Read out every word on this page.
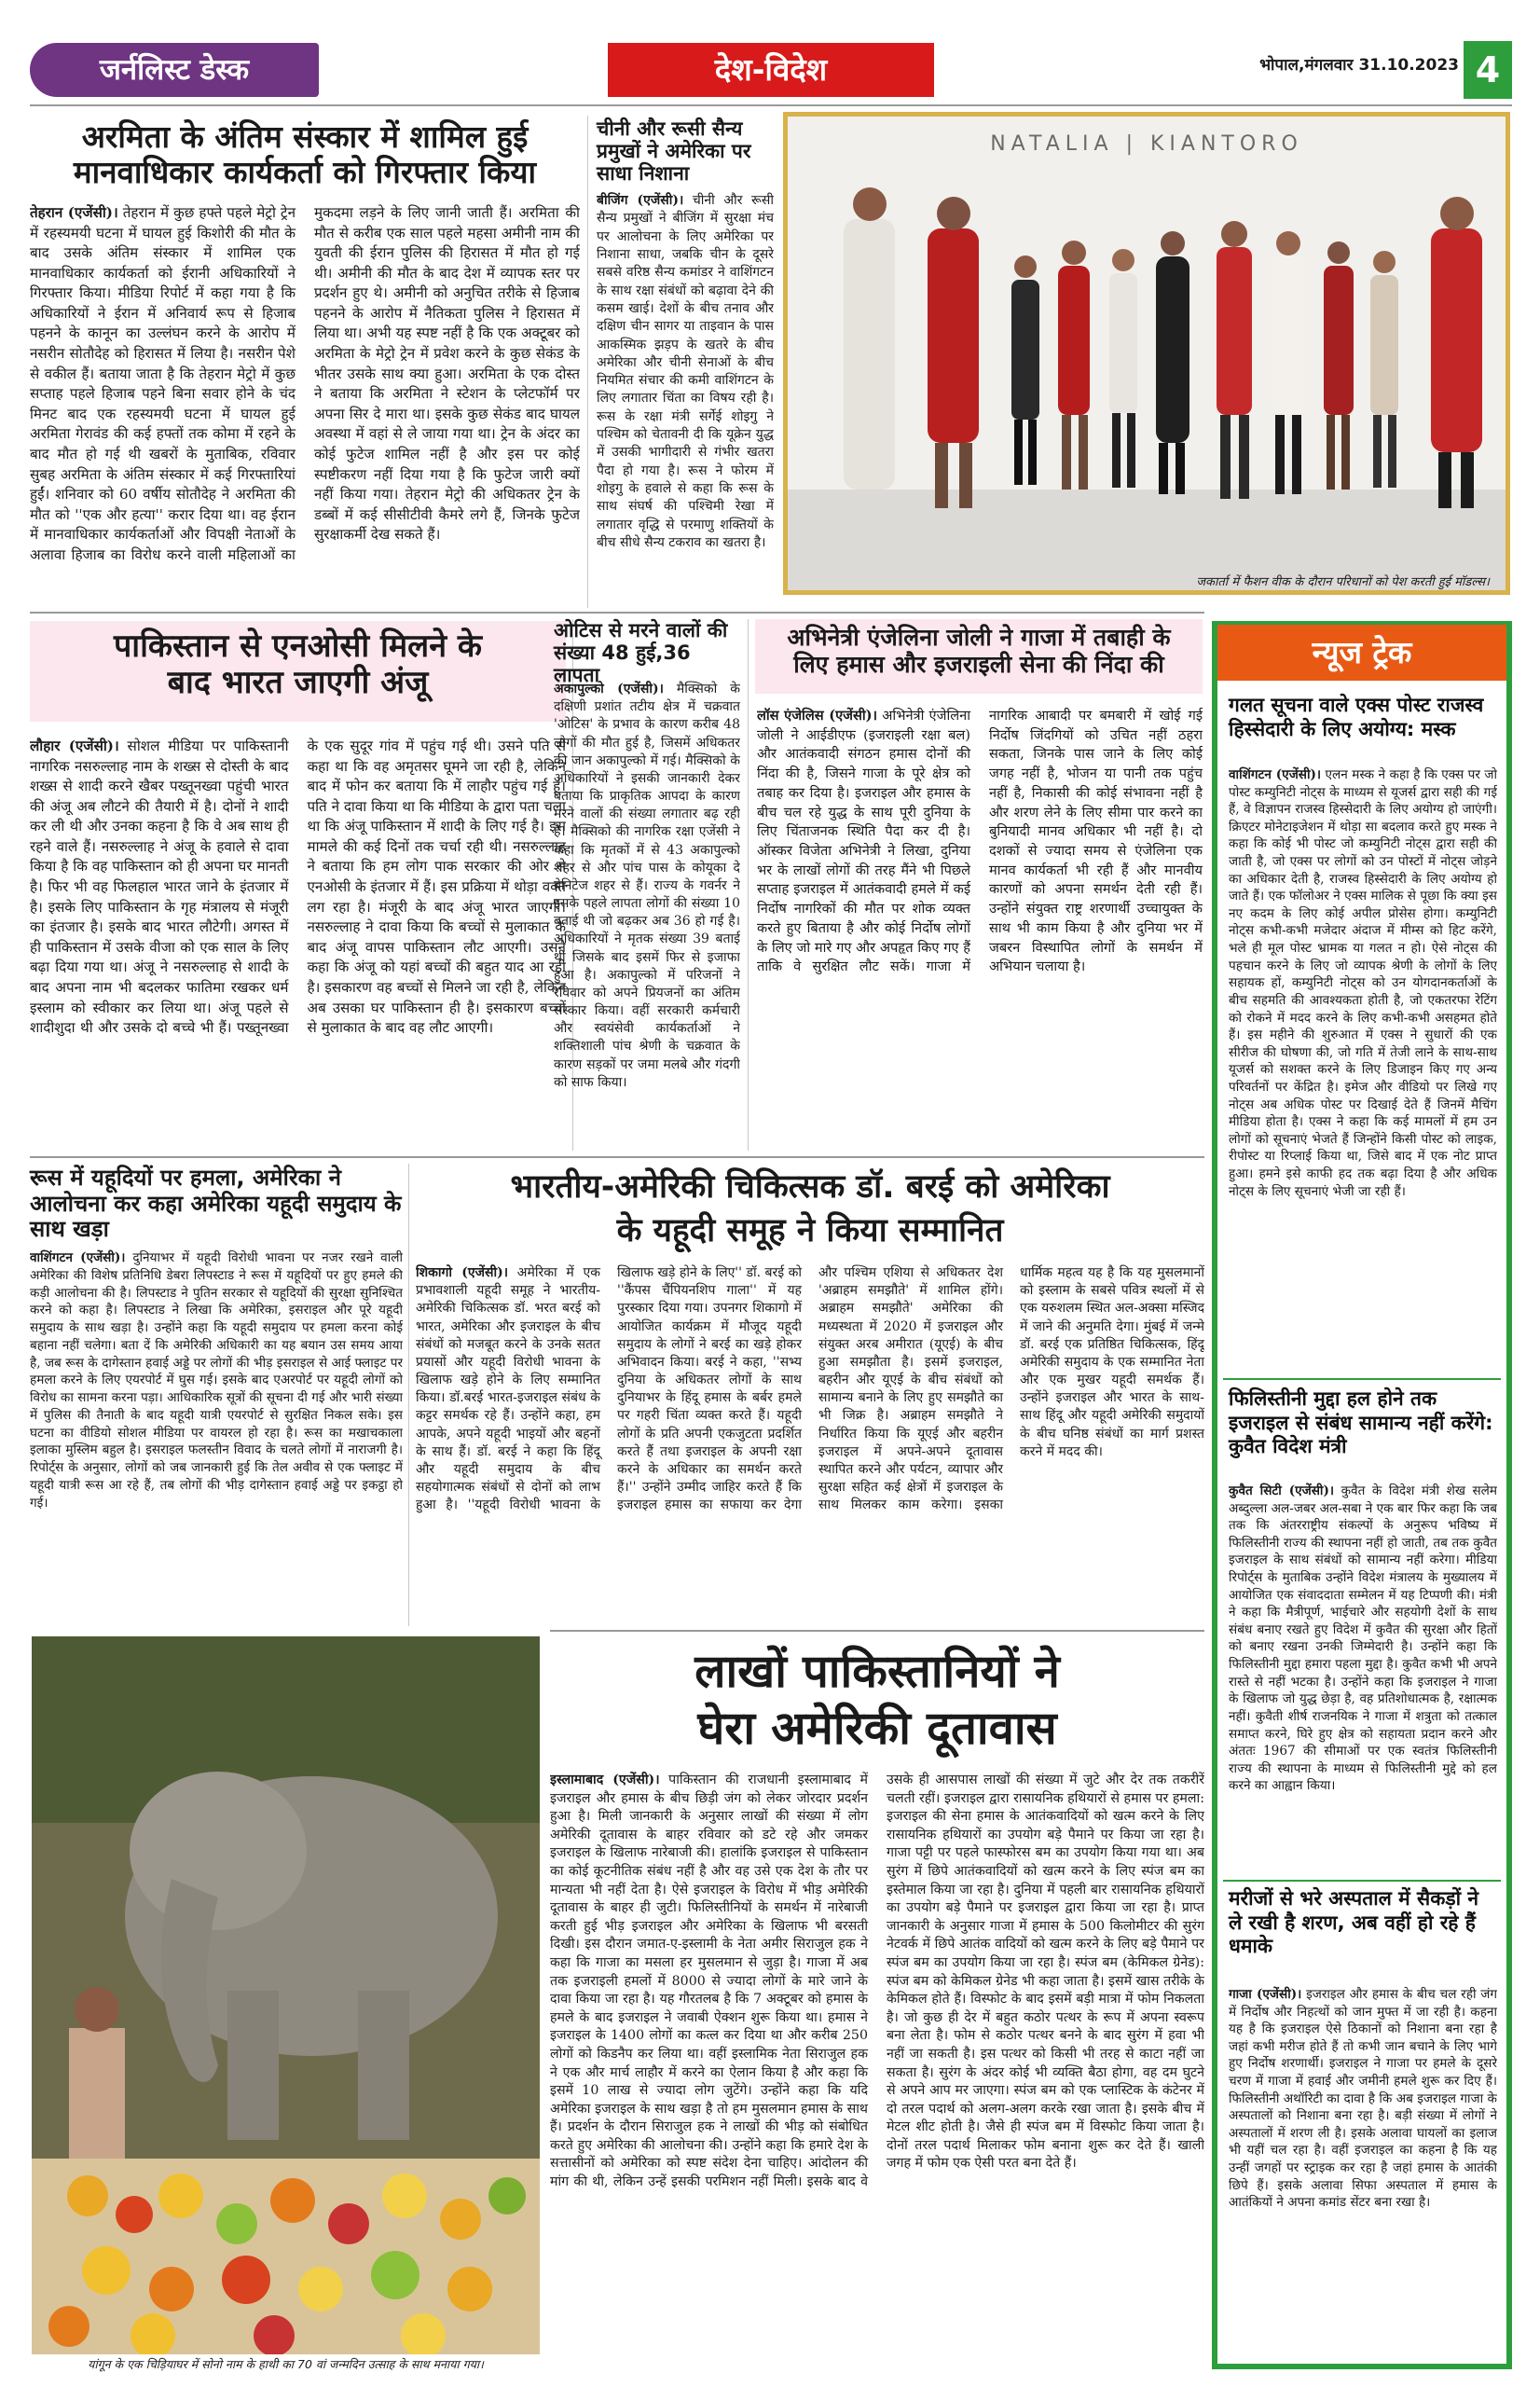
जर्नलिस्ट डेस्क	देश-विदेश	भोपाल,मंगलवार 31.10.2023 4
अरमिता के अंतिम संस्कार में शामिल हुई
मानवाधिकार कार्यकर्ता को गिरफ्तार किया
तेहरान (एजेंसी)। तेहरान में कुछ हफ्ते पहले मेट्रो ट्रेन में रहस्यमयी घटना में घायल हुई किशोरी की मौत के बाद उसके अंतिम संस्कार में शामिल एक मानवाधिकार कार्यकर्ता को ईरानी अधिकारियों ने गिरफ्तार किया। मीडिया रिपोर्ट में कहा गया है कि अधिकारियों ने ईरान में अनिवार्य रूप से हिजाब पहनने के कानून का उल्लंघन करने के आरोप में नसरीन सोतौदेह को हिरासत में लिया है। नसरीन पेशे से वकील हैं। बताया जाता है कि तेहरान मेट्रो में कुछ सप्ताह पहले हिजाब पहने बिना सवार होने के चंद मिनट बाद एक रहस्यमयी घटना में घायल हुई अरमिता गेरावंड की कई हफ्तों तक कोमा में रहने के बाद मौत हो गई थी खबरों के मुताबिक, रविवार सुबह अरमिता के अंतिम संस्कार में कई गिरफ्तारियां हुईं। शनिवार को 60 वर्षीय सोतौदेह ने अरमिता की मौत को ''एक और हत्या'' करार दिया था। वह ईरान में मानवाधिकार कार्यकर्ताओं और विपक्षी नेताओं के अलावा हिजाब का विरोध करने वाली महिलाओं का मुकदमा लड़ने के लिए जानी जाती हैं। अरमिता की मौत से करीब एक साल पहले महसा अमीनी नाम की युवती की ईरान पुलिस की हिरासत में मौत हो गई थी। अमीनी की मौत के बाद देश में व्यापक स्तर पर प्रदर्शन हुए थे। अमीनी को अनुचित तरीके से हिजाब पहनने के आरोप में नैतिकता पुलिस ने हिरासत में लिया था। अभी यह स्पष्ट नहीं है कि एक अक्टूबर को अरमिता के मेट्रो ट्रेन में प्रवेश करने के कुछ सेकंड के भीतर उसके साथ क्या हुआ। अरमिता के एक दोस्त ने बताया कि अरमिता ने स्टेशन के प्लेटफॉर्म पर अपना सिर दे मारा था। इसके कुछ सेकंड बाद घायल अवस्था में वहां से ले जाया गया था। ट्रेन के अंदर का कोई फुटेज शामिल नहीं है और इस पर कोई स्पष्टीकरण नहीं दिया गया है कि फुटेज जारी क्यों नहीं किया गया। तेहरान मेट्रो की अधिकतर ट्रेन के डब्बों में कई सीसीटीवी कैमरे लगे हैं, जिनके फुटेज सुरक्षाकर्मी देख सकते हैं।
चीनी और रूसी सैन्य प्रमुखों ने अमेरिका पर साधा निशाना
बीजिंग (एजेंसी)। चीनी और रूसी सैन्य प्रमुखों ने बीजिंग में सुरक्षा मंच पर आलोचना के लिए अमेरिका पर निशाना साधा, जबकि चीन के दूसरे सबसे वरिष्ठ सैन्य कमांडर ने वाशिंगटन के साथ रक्षा संबंधों को बढ़ावा देने की कसम खाई। देशों के बीच तनाव और दक्षिण चीन सागर या ताइवान के पास आकस्मिक झड़प के खतरे के बीच अमेरिका और चीनी सेनाओं के बीच नियमित संचार की कमी वाशिंगटन के लिए लगातार चिंता का विषय रही है। रूस के रक्षा मंत्री सर्गेई शोइगु ने पश्चिम को चेतावनी दी कि यूक्रेन युद्ध में उसकी भागीदारी से गंभीर खतरा पैदा हो गया है। रूस ने फोरम में शोइगु के हवाले से कहा कि रूस के साथ संघर्ष की पश्चिमी रेखा में लगातार वृद्धि से परमाणु शक्तियों के बीच सीधे सैन्य टकराव का खतरा है।
NATALIA | KIANTORO
जकार्ता में फैशन वीक के दौरान परिधानों को पेश करती हुई मॉडल्स।
पाकिस्तान से एनओसी मिलने के
बाद भारत जाएगी अंजू
लौहार (एजेंसी)। सोशल मीडिया पर पाकिस्तानी नागरिक नसरुल्लाह नाम के शख्स से दोस्ती के बाद शख्स से शादी करने खैबर पख्तूनख्वा पहुंची भारत की अंजू अब लौटने की तैयारी में है। दोनों ने शादी कर ली थी और उनका कहना है कि वे अब साथ ही रहने वाले हैं। नसरुल्लाह ने अंजू के हवाले से दावा किया है कि वह पाकिस्तान को ही अपना घर मानती है। फिर भी वह फिलहाल भारत जाने के इंतजार में है। इसके लिए पाकिस्तान के गृह मंत्रालय से मंजूरी का इंतजार है। इसके बाद भारत लौटेगी। अगस्त में ही पाकिस्तान में उसके वीजा को एक साल के लिए बढ़ा दिया गया था। अंजू ने नसरुल्लाह से शादी के बाद अपना नाम भी बदलकर फातिमा रखकर धर्म इस्लाम को स्वीकार कर लिया था। अंजू पहले से शादीशुदा थी और उसके दो बच्चे भी हैं। पख्तूनख्वा के एक सुदूर गांव में पहुंच गई थी। उसने पति से कहा था कि वह अमृतसर घूमने जा रही है, लेकिन बाद में फोन कर बताया कि में लाहौर पहुंच गई हूं। पति ने दावा किया था कि मीडिया के द्वारा पता चला था कि अंजू पाकिस्तान में शादी के लिए गई है। इस मामले की कई दिनों तक चर्चा रही थी। नसरुल्लाह ने बताया कि हम लोग पाक सरकार की ओर से एनओसी के इंतजार में हैं। इस प्रक्रिया में थोड़ा वक्त लग रहा है। मंजूरी के बाद अंजू भारत जाएगी। नसरुल्लाह ने दावा किया कि बच्चों से मुलाकात के बाद अंजू वापस पाकिस्तान लौट आएगी। उसने कहा कि अंजू को यहां बच्चों की बहुत याद आ रही है। इसकारण वह बच्चों से मिलने जा रही है, लेकिन अब उसका घर पाकिस्तान ही है। इसकारण बच्चों से मुलाकात के बाद वह लौट आएगी।
ओटिस से मरने वालों की संख्या 48 हुई,36 लापता
अकापुल्को (एजेंसी)। मैक्सिको के दक्षिणी प्रशांत तटीय क्षेत्र में चक्रवात 'ओटिस' के प्रभाव के कारण करीब 48 लोगों की मौत हुई है, जिसमें अधिकतर की जान अकापुल्को में गई। मैक्सिको के अधिकारियों ने इसकी जानकारी देकर बताया कि प्राकृतिक आपदा के कारण मरने वालों की संख्या लगातार बढ़ रही है। मैक्सिको की नागरिक रक्षा एजेंसी ने कहा कि मृतकों में से 43 अकापुल्को शहर से और पांच पास के कोयूका दे बेनिटेज शहर से हैं। राज्य के गवर्नर ने इसके पहले लापता लोगों की संख्या 10 बताई थी जो बढ़कर अब 36 हो गई है। अधिकारियों ने मृतक संख्या 39 बताई थी जिसके बाद इसमें फिर से इजाफा हुआ है। अकापुल्को में परिजनों ने रविवार को अपने प्रियजनों का अंतिम संस्कार किया। वहीं सरकारी कर्मचारी और स्वयंसेवी कार्यकर्ताओं ने शक्तिशाली पांच श्रेणी के चक्रवात के कारण सड़कों पर जमा मलबे और गंदगी को साफ किया।
अभिनेत्री एंजेलिना जोली ने गाजा में तबाही के
लिए हमास और इजराइली सेना की निंदा की
लॉस एंजेलिस (एजेंसी)। अभिनेत्री एंजेलिना जोली ने आईडीएफ (इजराइली रक्षा बल) और आतंकवादी संगठन हमास दोनों की निंदा की है, जिसने गाजा के पूरे क्षेत्र को तबाह कर दिया है। इजराइल और हमास के बीच चल रहे युद्ध के साथ पूरी दुनिया के लिए चिंताजनक स्थिति पैदा कर दी है। ऑस्कर विजेता अभिनेत्री ने लिखा, दुनिया भर के लाखों लोगों की तरह मैंने भी पिछले सप्ताह इजराइल में आतंकवादी हमले में कई निर्दोष नागरिकों की मौत पर शोक व्यक्त करते हुए बिताया है और कोई निर्दोष लोगों के लिए जो मारे गए और अपहृत किए गए हैं ताकि वे सुरक्षित लौट सकें। गाजा में नागरिक आबादी पर बमबारी में खोई गई निर्दोष जिंदगियों को उचित नहीं ठहरा सकता, जिनके पास जाने के लिए कोई जगह नहीं है, भोजन या पानी तक पहुंच नहीं है, निकासी की कोई संभावना नहीं है और शरण लेने के लिए सीमा पार करने का बुनियादी मानव अधिकार भी नहीं है। दो दशकों से ज्यादा समय से एंजेलिना एक मानव कार्यकर्ता भी रही हैं और मानवीय कारणों को अपना समर्थन देती रही हैं। उन्होंने संयुक्त राष्ट्र शरणार्थी उच्चायुक्त के साथ भी काम किया है और दुनिया भर में जबरन विस्थापित लोगों के समर्थन में अभियान चलाया है।
रूस में यहूदियों पर हमला, अमेरिका ने आलोचना कर कहा अमेरिका यहूदी समुदाय के साथ खड़ा
वाशिंगटन (एजेंसी)। दुनियाभर में यहूदी विरोधी भावना पर नजर रखने वाली अमेरिका की विशेष प्रतिनिधि डेबरा लिपस्टाड ने रूस में यहूदियों पर हुए हमले की कड़ी आलोचना की है। लिपस्टाड ने पुतिन सरकार से यहूदियों की सुरक्षा सुनिश्चित करने को कहा है। लिपस्टाड ने लिखा कि अमेरिका, इसराइल और पूरे यहूदी समुदाय के साथ खड़ा है। उन्होंने कहा कि यहूदी समुदाय पर हमला करना कोई बहाना नहीं चलेगा। बता दें कि अमेरिकी अधिकारी का यह बयान उस समय आया है, जब रूस के दागेस्तान हवाई अड्डे पर लोगों की भीड़ इसराइल से आई फ्लाइट पर हमला करने के लिए एयरपोर्ट में घुस गई। इसके बाद एअरपोर्ट पर यहूदी लोगों को विरोध का सामना करना पड़ा। आधिकारिक सूत्रों की सूचना दी गई और भारी संख्या में पुलिस की तैनाती के बाद यहूदी यात्री एयरपोर्ट से सुरक्षित निकल सके। इस घटना का वीडियो सोशल मीडिया पर वायरल हो रहा है। रूस का मखाचकाला इलाका मुस्लिम बहुल है। इसराइल फलस्तीन विवाद के चलते लोगों में नाराजगी है। रिपोर्ट्स के अनुसार, लोगों को जब जानकारी हुई कि तेल अवीव से एक फ्लाइट में यहूदी यात्री रूस आ रहे हैं, तब लोगों की भीड़ दागेस्तान हवाई अड्डे पर इकट्ठा हो गई।
भारतीय-अमेरिकी चिकित्सक डॉ. बरई को अमेरिका
के यहूदी समूह ने किया सम्मानित
शिकागो (एजेंसी)। अमेरिका में एक प्रभावशाली यहूदी समूह ने भारतीय-अमेरिकी चिकित्सक डॉ. भरत बरई को भारत, अमेरिका और इजराइल के बीच संबंधों को मजबूत करने के उनके सतत प्रयासों और यहूदी विरोधी भावना के खिलाफ खड़े होने के लिए सम्मानित किया। डॉ.बरई भारत-इजराइल संबंध के कट्टर समर्थक रहे हैं। उन्होंने कहा, हम आपके, अपने यहूदी भाइयों और बहनों के साथ हैं। डॉ. बरई ने कहा कि हिंदू और यहूदी समुदाय के बीच सहयोगात्मक संबंधों से दोनों को लाभ हुआ है। ''यहूदी विरोधी भावना के खिलाफ खड़े होने के लिए'' डॉ. बरई को ''कैंपस चैंपियनशिप गाला'' में यह पुरस्कार दिया गया। उपनगर शिकागो में आयोजित कार्यक्रम में मौजूद यहूदी समुदाय के लोगों ने बरई का खड़े होकर अभिवादन किया। बरई ने कहा, ''सभ्य दुनिया के अधिकतर लोगों के साथ दुनियाभर के हिंदू हमास के बर्बर हमले पर गहरी चिंता व्यक्त करते हैं। यहूदी लोगों के प्रति अपनी एकजुटता प्रदर्शित करते हैं तथा इजराइल के अपनी रक्षा करने के अधिकार का समर्थन करते हैं।'' उन्होंने उम्मीद जाहिर करते हैं कि इजराइल हमास का सफाया कर देगा और पश्चिम एशिया से अधिकतर देश 'अब्राहम समझौते' में शामिल होंगे। अब्राहम समझौते' अमेरिका की मध्यस्थता में 2020 में इजराइल और संयुक्त अरब अमीरात (यूएई) के बीच हुआ समझौता है। इसमें इजराइल, बहरीन और यूएई के बीच संबंधों को सामान्य बनाने के लिए हुए समझौते का भी जिक्र है। अब्राहम समझौते ने निर्धारित किया कि यूएई और बहरीन इजराइल में अपने-अपने दूतावास स्थापित करने और पर्यटन, व्यापार और सुरक्षा सहित कई क्षेत्रों में इजराइल के साथ मिलकर काम करेगा। इसका धार्मिक महत्व यह है कि यह मुसलमानों को इस्लाम के सबसे पवित्र स्थलों में से एक यरुशलम स्थित अल-अक्सा मस्जिद में जाने की अनुमति देगा। मुंबई में जन्मे डॉ. बरई एक प्रतिष्ठित चिकित्सक, हिंदू अमेरिकी समुदाय के एक सम्मानित नेता और एक मुखर यहूदी समर्थक हैं। उन्होंने इजराइल और भारत के साथ-साथ हिंदू और यहूदी अमेरिकी समुदायों के बीच घनिष्ठ संबंधों का मार्ग प्रशस्त करने में मदद की।
यांगून के एक चिड़ियाघर में सोनो नाम के हाथी का 70 वां जन्मदिन उत्साह के साथ मनाया गया।
लाखों पाकिस्तानियों ने
घेरा अमेरिकी दूतावास
इस्लामाबाद (एजेंसी)। पाकिस्तान की राजधानी इस्लामाबाद में इजराइल और हमास के बीच छिड़ी जंग को लेकर जोरदार प्रदर्शन हुआ है। मिली जानकारी के अनुसार लाखों की संख्या में लोग अमेरिकी दूतावास के बाहर रविवार को डटे रहे और जमकर इजराइल के खिलाफ नारेबाजी की। हालांकि इजराइल से पाकिस्तान का कोई कूटनीतिक संबंध नहीं है और वह उसे एक देश के तौर पर मान्यता भी नहीं देता है। ऐसे इजराइल के विरोध में भीड़ अमेरिकी दूतावास के बाहर ही जुटी। फिलिस्तीनियों के समर्थन में नारेबाजी करती हुई भीड़ इजराइल और अमेरिका के खिलाफ भी बरसती दिखी। इस दौरान जमात-ए-इस्लामी के नेता अमीर सिराजुल हक ने कहा कि गाजा का मसला हर मुसलमान से जुड़ा है। गाजा में अब तक इजराइली हमलों में 8000 से ज्यादा लोगों के मारे जाने के दावा किया जा रहा है। यह गौरतलब है कि 7 अक्टूबर को हमास के हमले के बाद इजराइल ने जवाबी ऐक्शन शुरू किया था। हमास ने इजराइल के 1400 लोगों का कत्ल कर दिया था और करीब 250 लोगों को किडनैप कर लिया था। वहीं इस्लामिक नेता सिराजुल हक ने एक और मार्च लाहौर में करने का ऐलान किया है और कहा कि इसमें 10 लाख से ज्यादा लोग जुटेंगे। उन्होंने कहा कि यदि अमेरिका इजराइल के साथ खड़ा है तो हम मुसलमान हमास के साथ हैं। प्रदर्शन के दौरान सिराजुल हक ने लाखों की भीड़ को संबोधित करते हुए अमेरिका की आलोचना की। उन्होंने कहा कि हमारे देश के सत्तासीनों को अमेरिका को स्पष्ट संदेश देना चाहिए। आंदोलन की मांग की थी, लेकिन उन्हें इसकी परमिशन नहीं मिली। इसके बाद वे उसके ही आसपास लाखों की संख्या में जुटे और देर तक तकरीरें चलती रहीं। इजराइल द्वारा रासायनिक हथियारों से हमास पर हमला: इजराइल की सेना हमास के आतंकवादियों को खत्म करने के लिए रासायनिक हथियारों का उपयोग बड़े पैमाने पर किया जा रहा है। गाजा पट्टी पर पहले फास्फोरस बम का उपयोग किया गया था। अब सुरंग में छिपे आतंकवादियों को खत्म करने के लिए स्पंज बम का इस्तेमाल किया जा रहा है। दुनिया में पहली बार रासायनिक हथियारों का उपयोग बड़े पैमाने पर इजराइल द्वारा किया जा रहा है। प्राप्त जानकारी के अनुसार गाजा में हमास के 500 किलोमीटर की सुरंग नेटवर्क में छिपे आतंक वादियों को खत्म करने के लिए बड़े पैमाने पर स्पंज बम का उपयोग किया जा रहा है। स्पंज बम (केमिकल ग्रेनेड): स्पंज बम को केमिकल ग्रेनेड भी कहा जाता है। इसमें खास तरीके के केमिकल होते हैं। विस्फोट के बाद इसमें बड़ी मात्रा में फोम निकलता है। जो कुछ ही देर में बहुत कठोर पत्थर के रूप में अपना स्वरूप बना लेता है। फोम से कठोर पत्थर बनने के बाद सुरंग में हवा भी नहीं जा सकती है। इस पत्थर को किसी भी तरह से काटा नहीं जा सकता है। सुरंग के अंदर कोई भी व्यक्ति बैठा होगा, वह दम घुटने से अपने आप मर जाएगा। स्पंज बम को एक प्लास्टिक के कंटेनर में दो तरल पदार्थ को अलग-अलग करके रखा जाता है। इसके बीच में मेटल शीट होती है। जैसे ही स्पंज बम में विस्फोट किया जाता है। दोनों तरल पदार्थ मिलाकर फोम बनाना शुरू कर देते हैं। खाली जगह में फोम एक ऐसी परत बना देते हैं।
न्यूज ट्रेक
गलत सूचना वाले एक्स पोस्ट राजस्व हिस्सेदारी के लिए अयोग्य: मस्क
वाशिंगटन (एजेंसी)। एलन मस्क ने कहा है कि एक्स पर जो पोस्ट कम्युनिटी नोट्स के माध्यम से यूजर्स द्वारा सही की गई हैं, वे विज्ञापन राजस्व हिस्सेदारी के लिए अयोग्य हो जाएंगी। क्रिएटर मोनेटाइजेशन में थोड़ा सा बदलाव करते हुए मस्क ने कहा कि कोई भी पोस्ट जो कम्युनिटी नोट्स द्वारा सही की जाती है, जो एक्स पर लोगों को उन पोस्टों में नोट्स जोड़ने का अधिकार देती है, राजस्व हिस्सेदारी के लिए अयोग्य हो जाते हैं। एक फॉलोअर ने एक्स मालिक से पूछा कि क्या इस नए कदम के लिए कोई अपील प्रोसेस होगा। कम्युनिटी नोट्स कभी-कभी मजेदार अंदाज में मीम्स को हिट करेंगे, भले ही मूल पोस्ट भ्रामक या गलत न हो। ऐसे नोट्स की पहचान करने के लिए जो व्यापक श्रेणी के लोगों के लिए सहायक हों, कम्युनिटी नोट्स को उन योगदानकर्ताओं के बीच सहमति की आवश्यकता होती है, जो एकतरफा रेटिंग को रोकने में मदद करने के लिए कभी-कभी असहमत होते हैं। इस महीने की शुरुआत में एक्स ने सुधारों की एक सीरीज की घोषणा की, जो गति में तेजी लाने के साथ-साथ यूजर्स को सशक्त करने के लिए डिजाइन किए गए अन्य परिवर्तनों पर केंद्रित है। इमेज और वीडियो पर लिखे गए नोट्स अब अधिक पोस्ट पर दिखाई देते हैं जिनमें मैचिंग मीडिया होता है। एक्स ने कहा कि कई मामलों में हम उन लोगों को सूचनाएं भेजते हैं जिन्होंने किसी पोस्ट को लाइक, रीपोस्ट या रिप्लाई किया था, जिसे बाद में एक नोट प्राप्त हुआ। हमने इसे काफी हद तक बढ़ा दिया है और अधिक नोट्स के लिए सूचनाएं भेजी जा रही हैं।
फिलिस्तीनी मुद्दा हल होने तक इजराइल से संबंध सामान्य नहीं करेंगे: कुवैत विदेश मंत्री
कुवैत सिटी (एजेंसी)। कुवैत के विदेश मंत्री शेख सलेम अब्दुल्ला अल-जबर अल-सबा ने एक बार फिर कहा कि जब तक कि अंतरराष्ट्रीय संकल्पों के अनुरूप भविष्य में फिलिस्तीनी राज्य की स्थापना नहीं हो जाती, तब तक कुवैत इजराइल के साथ संबंधों को सामान्य नहीं करेगा। मीडिया रिपोर्ट्स के मुताबिक उन्होंने विदेश मंत्रालय के मुख्यालय में आयोजित एक संवाददाता सम्मेलन में यह टिप्पणी की। मंत्री ने कहा कि मैत्रीपूर्ण, भाईचारे और सहयोगी देशों के साथ संबंध बनाए रखते हुए विदेश में कुवैत की सुरक्षा और हितों को बनाए रखना उनकी जिम्मेदारी है। उन्होंने कहा कि फिलिस्तीनी मुद्दा हमारा पहला मुद्दा है। कुवैत कभी भी अपने रास्ते से नहीं भटका है। उन्होंने कहा कि इजराइल ने गाजा के खिलाफ जो युद्ध छेड़ा है, वह प्रतिशोधात्मक है, रक्षात्मक नहीं। कुवैती शीर्ष राजनयिक ने गाजा में शत्रुता को तत्काल समाप्त करने, घिरे हुए क्षेत्र को सहायता प्रदान करने और अंततः 1967 की सीमाओं पर एक स्वतंत्र फिलिस्तीनी राज्य की स्थापना के माध्यम से फिलिस्तीनी मुद्दे को हल करने का आह्वान किया।
मरीजों से भरे अस्पताल में सैकड़ों ने ले रखी है शरण, अब वहीं हो रहे हैं धमाके
गाजा (एजेंसी)। इजराइल और हमास के बीच चल रही जंग में निर्दोष और निहत्थों को जान मुफ्त में जा रही है। कहना यह है कि इजराइल ऐसे ठिकानों को निशाना बना रहा है जहां कभी मरीज होते हैं तो कभी जान बचाने के लिए भागे हुए निर्दोष शरणार्थी। इजराइल ने गाजा पर हमले के दूसरे चरण में गाजा में हवाई और जमीनी हमले शुरू कर दिए हैं। फिलिस्तीनी अथॉरिटी का दावा है कि अब इजराइल गाजा के अस्पतालों को निशाना बना रहा है। बड़ी संख्या में लोगों ने अस्पतालों में शरण ली है। इसके अलावा घायलों का इलाज भी यहीं चल रहा है। वहीं इजराइल का कहना है कि यह उन्हीं जगहों पर स्ट्राइक कर रहा है जहां हमास के आतंकी छिपे हैं। इसके अलावा सिफा अस्पताल में हमास के आतंकियों ने अपना कमांड सेंटर बना रखा है।
